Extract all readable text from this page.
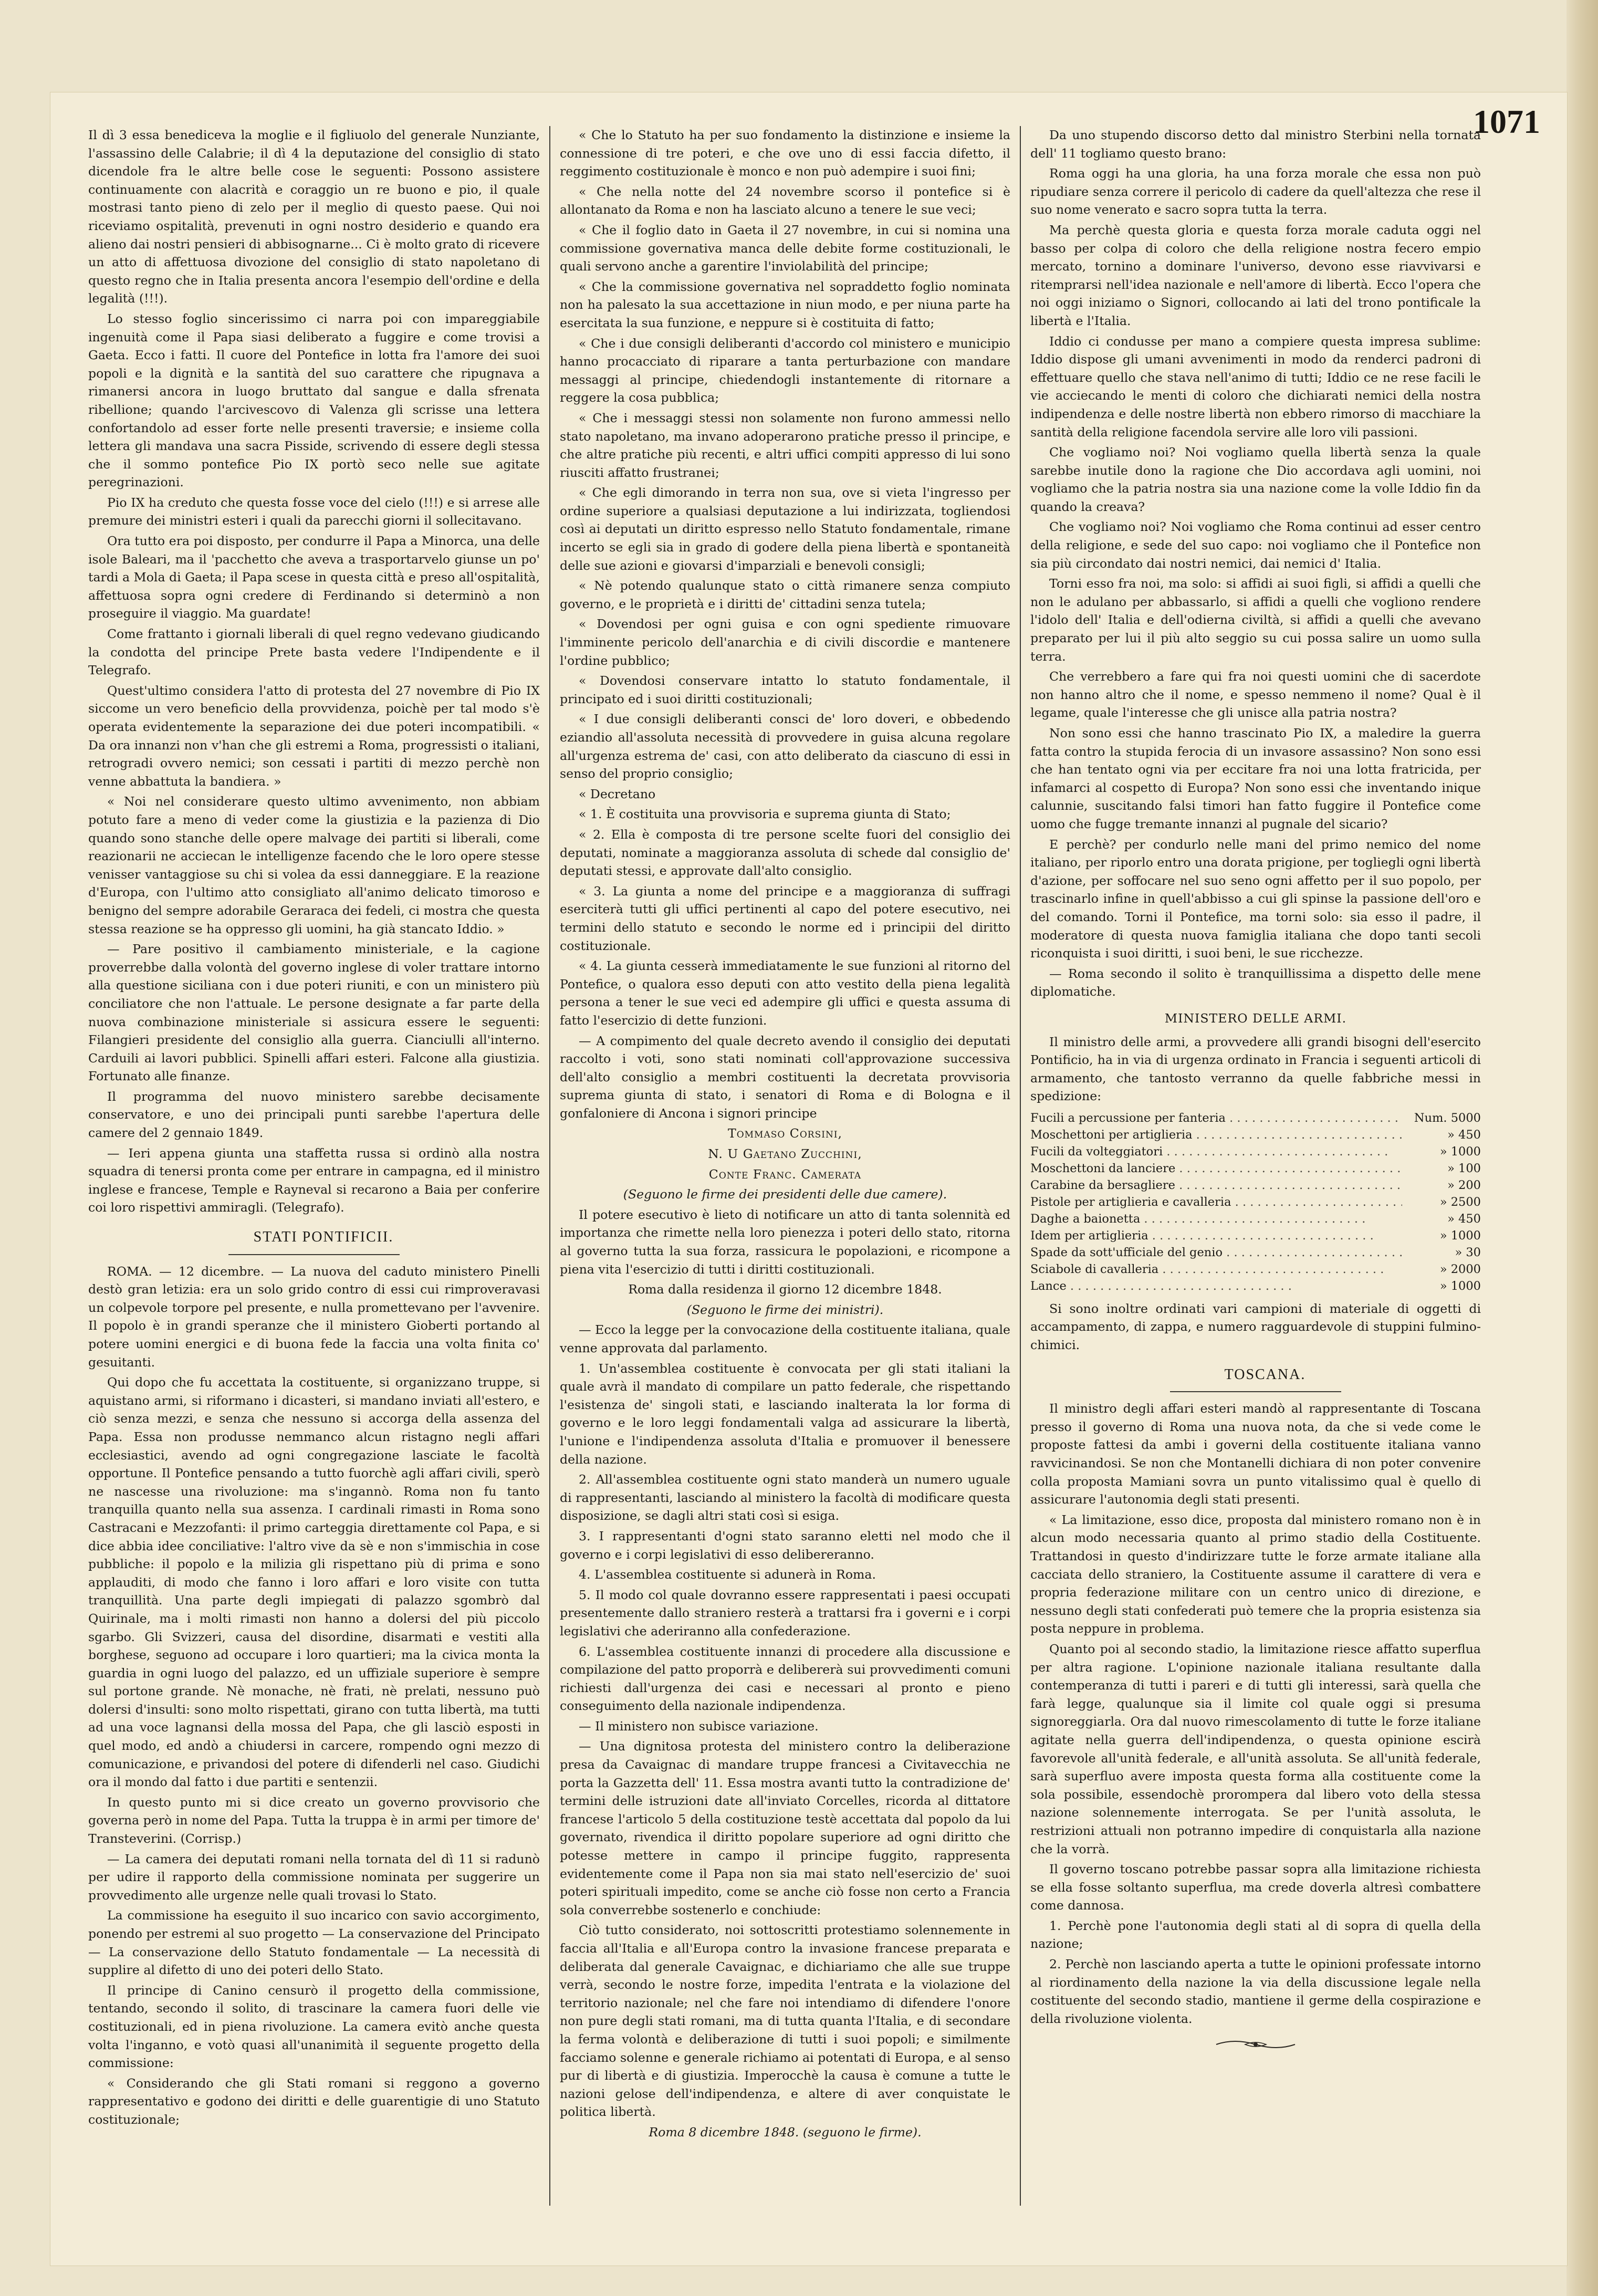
1071

Il dì 3 essa benediceva la moglie e il figliuolo del generale Nunziante, l'assassino delle Calabrie; il dì 4 la deputazione del consiglio di stato dicendole fra le altre belle cose le seguenti: Possono assistere continuamente con alacrità e coraggio un re buono e pio, il quale mostrasi tanto pieno di zelo per il meglio di questo paese. Qui noi riceviamo ospitalità, prevenuti in ogni nostro desiderio e quando era alieno dai nostri pensieri di abbisognarne... Ci è molto grato di ricevere un atto di affettuosa divozione del consiglio di stato napoletano di questo regno che in Italia presenta ancora l'esempio dell'ordine e della legalità (!!!).

Lo stesso foglio sincerissimo ci narra poi con impareggiabile ingenuità come il Papa siasi deliberato a fuggire e come trovisi a Gaeta. Ecco i fatti. Il cuore del Pontefice in lotta fra l'amore dei suoi popoli e la dignità e la santità del suo carattere che ripugnava a rimanersi ancora in luogo bruttato dal sangue e dalla sfrenata ribellione; quando l'arcivescovo di Valenza gli scrisse una lettera confortandolo ad esser forte nelle presenti traversie; e insieme colla lettera gli mandava una sacra Pisside, scrivendo di essere degli stessa che il sommo pontefice Pio IX portò seco nelle sue agitate peregrinazioni.

Pio IX ha creduto che questa fosse voce del cielo (!!!) e si arrese alle premure dei ministri esteri i quali da parecchi giorni il sollecitavano.

Ora tutto era poi disposto, per condurre il Papa a Minorca, una delle isole Baleari, ma il 'pacchetto che aveva a trasportarvelo giunse un po' tardi a Mola di Gaeta; il Papa scese in questa città e preso all'ospitalità, affettuosa sopra ogni credere di Ferdinando si determinò a non proseguire il viaggio. Ma guardate!

Come frattanto i giornali liberali di quel regno vedevano giudicando la condotta del principe Prete basta vedere l'Indipendente e il Telegrafo.

Quest'ultimo considera l'atto di protesta del 27 novembre di Pio IX siccome un vero beneficio della provvidenza, poichè per tal modo s'è operata evidentemente la separazione dei due poteri incompatibili. « Da ora innanzi non v'han che gli estremi a Roma, progressisti o italiani, retrogradi ovvero nemici; son cessati i partiti di mezzo perchè non venne abbattuta la bandiera. »

« Noi nel considerare questo ultimo avvenimento, non abbiam potuto fare a meno di veder come la giustizia e la pazienza di Dio quando sono stanche delle opere malvage dei partiti si liberali, come reazionarii ne acciecan le intelligenze facendo che le loro opere stesse venisser vantaggiose su chi si volea da essi danneggiare. E la reazione d'Europa, con l'ultimo atto consigliato all'animo delicato timoroso e benigno del sempre adorabile Geraraca dei fedeli, ci mostra che questa stessa reazione se ha oppresso gli uomini, ha già stancato Iddio. »

— Pare positivo il cambiamento ministeriale, e la cagione proverrebbe dalla volontà del governo inglese di voler trattare intorno alla questione siciliana con i due poteri riuniti, e con un ministero più conciliatore che non l'attuale. Le persone designate a far parte della nuova combinazione ministeriale si assicura essere le seguenti: Filangieri presidente del consiglio alla guerra. Cianciulli all'interno. Carduili ai lavori pubblici. Spinelli affari esteri. Falcone alla giustizia. Fortunato alle finanze.

Il programma del nuovo ministero sarebbe decisamente conservatore, e uno dei principali punti sarebbe l'apertura delle camere del 2 gennaio 1849.

— Ieri appena giunta una staffetta russa si ordinò alla nostra squadra di tenersi pronta come per entrare in campagna, ed il ministro inglese e francese, Temple e Rayneval si recarono a Baia per conferire coi loro rispettivi ammiragli. (Telegrafo).

STATI PONTIFICII.

ROMA. — 12 dicembre. — La nuova del caduto ministero Pinelli destò gran letizia: era un solo grido contro di essi cui rimproveravasi un colpevole torpore pel presente, e nulla promettevano per l'avvenire. Il popolo è in grandi speranze che il ministero Gioberti portando al potere uomini energici e di buona fede la faccia una volta finita co' gesuitanti.

Qui dopo che fu accettata la costituente, si organizzano truppe, si aquistano armi, si riformano i dicasteri, si mandano inviati all'estero, e ciò senza mezzi, e senza che nessuno si accorga della assenza del Papa. Essa non produsse nemmanco alcun ristagno negli affari ecclesiastici, avendo ad ogni congregazione lasciate le facoltà opportune. Il Pontefice pensando a tutto fuorchè agli affari civili, sperò ne nascesse una rivoluzione: ma s'ingannò. Roma non fu tanto tranquilla quanto nella sua assenza. I cardinali rimasti in Roma sono Castracani e Mezzofanti: il primo carteggia direttamente col Papa, e si dice abbia idee conciliative: l'altro vive da sè e non s'immischia in cose pubbliche: il popolo e la milizia gli rispettano più di prima e sono applauditi, di modo che fanno i loro affari e loro visite con tutta tranquillità. Una parte degli impiegati di palazzo sgombrò dal Quirinale, ma i molti rimasti non hanno a dolersi del più piccolo sgarbo. Gli Svizzeri, causa del disordine, disarmati e vestiti alla borghese, seguono ad occupare i loro quartieri; ma la civica monta la guardia in ogni luogo del palazzo, ed un uffiziale superiore è sempre sul portone grande. Nè monache, nè frati, nè prelati, nessuno può dolersi d'insulti: sono molto rispettati, girano con tutta libertà, ma tutti ad una voce lagnansi della mossa del Papa, che gli lasciò esposti in quel modo, ed andò a chiudersi in carcere, rompendo ogni mezzo di comunicazione, e privandosi del potere di difenderli nel caso. Giudichi ora il mondo dal fatto i due partiti e sentenzii.

In questo punto mi si dice creato un governo provvisorio che governa però in nome del Papa. Tutta la truppa è in armi per timore de' Transteverini. (Corrisp.)

— La camera dei deputati romani nella tornata del dì 11 si radunò per udire il rapporto della commissione nominata per suggerire un provvedimento alle urgenze nelle quali trovasi lo Stato.

La commissione ha eseguito il suo incarico con savio accorgimento, ponendo per estremi al suo progetto — La conservazione del Principato — La conservazione dello Statuto fondamentale — La necessità di supplire al difetto di uno dei poteri dello Stato.

Il principe di Canino censurò il progetto della commissione, tentando, secondo il solito, di trascinare la camera fuori delle vie costituzionali, ed in piena rivoluzione. La camera evitò anche questa volta l'inganno, e votò quasi all'unanimità il seguente progetto della commissione:

« Considerando che gli Stati romani si reggono a governo rappresentativo e godono dei diritti e delle guarentigie di uno Statuto costituzionale;

« Che lo Statuto ha per suo fondamento la distinzione e insieme la connessione di tre poteri, e che ove uno di essi faccia difetto, il reggimento costituzionale è monco e non può adempire i suoi fini;

« Che nella notte del 24 novembre scorso il pontefice si è allontanato da Roma e non ha lasciato alcuno a tenere le sue veci;

« Che il foglio dato in Gaeta il 27 novembre, in cui si nomina una commissione governativa manca delle debite forme costituzionali, le quali servono anche a garentire l'inviolabilità del principe;

« Che la commissione governativa nel sopraddetto foglio nominata non ha palesato la sua accettazione in niun modo, e per niuna parte ha esercitata la sua funzione, e neppure si è costituita di fatto;

« Che i due consigli deliberanti d'accordo col ministero e municipio hanno procacciato di riparare a tanta perturbazione con mandare messaggi al principe, chiedendogli instantemente di ritornare a reggere la cosa pubblica;

« Che i messaggi stessi non solamente non furono ammessi nello stato napoletano, ma invano adoperarono pratiche presso il principe, e che altre pratiche più recenti, e altri uffici compiti appresso di lui sono riusciti affatto frustranei;

« Che egli dimorando in terra non sua, ove si vieta l'ingresso per ordine superiore a qualsiasi deputazione a lui indirizzata, togliendosi così ai deputati un diritto espresso nello Statuto fondamentale, rimane incerto se egli sia in grado di godere della piena libertà e spontaneità delle sue azioni e giovarsi d'imparziali e benevoli consigli;

« Nè potendo qualunque stato o città rimanere senza compiuto governo, e le proprietà e i diritti de' cittadini senza tutela;

« Dovendosi per ogni guisa e con ogni spediente rimuovare l'imminente pericolo dell'anarchia e di civili discordie e mantenere l'ordine pubblico;

« Dovendosi conservare intatto lo statuto fondamentale, il principato ed i suoi diritti costituzionali;

« I due consigli deliberanti consci de' loro doveri, e obbedendo eziandio all'assoluta necessità di provvedere in guisa alcuna regolare all'urgenza estrema de' casi, con atto deliberato da ciascuno di essi in senso del proprio consiglio;

« Decretano

« 1. È costituita una provvisoria e suprema giunta di Stato;

« 2. Ella è composta di tre persone scelte fuori del consiglio dei deputati, nominate a maggioranza assoluta di schede dal consiglio de' deputati stessi, e approvate dall'alto consiglio.

« 3. La giunta a nome del principe e a maggioranza di suffragi eserciterà tutti gli uffici pertinenti al capo del potere esecutivo, nei termini dello statuto e secondo le norme ed i principii del diritto costituzionale.

« 4. La giunta cesserà immediatamente le sue funzioni al ritorno del Pontefice, o qualora esso deputi con atto vestito della piena legalità persona a tener le sue veci ed adempire gli uffici e questa assuma di fatto l'esercizio di dette funzioni.

— A compimento del quale decreto avendo il consiglio dei deputati raccolto i voti, sono stati nominati coll'approvazione successiva dell'alto consiglio a membri costituenti la decretata provvisoria suprema giunta di stato, i senatori di Roma e di Bologna e il gonfaloniere di Ancona i signori principe

Tommaso Corsini,

N. U Gaetano Zucchini,

Conte Franc. Camerata

(Seguono le firme dei presidenti delle due camere).

Il potere esecutivo è lieto di notificare un atto di tanta solennità ed importanza che rimette nella loro pienezza i poteri dello stato, ritorna al governo tutta la sua forza, rassicura le popolazioni, e ricompone a piena vita l'esercizio di tutti i diritti costituzionali.

Roma dalla residenza il giorno 12 dicembre 1848.

(Seguono le firme dei ministri).

— Ecco la legge per la convocazione della costituente italiana, quale venne approvata dal parlamento.

1. Un'assemblea costituente è convocata per gli stati italiani la quale avrà il mandato di compilare un patto federale, che rispettando l'esistenza de' singoli stati, e lasciando inalterata la lor forma di governo e le loro leggi fondamentali valga ad assicurare la libertà, l'unione e l'indipendenza assoluta d'Italia e promuover il benessere della nazione.

2. All'assemblea costituente ogni stato manderà un numero uguale di rappresentanti, lasciando al ministero la facoltà di modificare questa disposizione, se dagli altri stati così si esiga.

3. I rappresentanti d'ogni stato saranno eletti nel modo che il governo e i corpi legislativi di esso delibereranno.

4. L'assemblea costituente si adunerà in Roma.

5. Il modo col quale dovranno essere rappresentati i paesi occupati presentemente dallo straniero resterà a trattarsi fra i governi e i corpi legislativi che aderiranno alla confederazione.

6. L'assemblea costituente innanzi di procedere alla discussione e compilazione del patto proporrà e delibererà sui provvedimenti comuni richiesti dall'urgenza dei casi e necessari al pronto e pieno conseguimento della nazionale indipendenza.

— Il ministero non subisce variazione.

— Una dignitosa protesta del ministero contro la deliberazione presa da Cavaignac di mandare truppe francesi a Civitavecchia ne porta la Gazzetta dell' 11. Essa mostra avanti tutto la contradizione de' termini delle istruzioni date all'inviato Corcelles, ricorda al dittatore francese l'articolo 5 della costituzione testè accettata dal popolo da lui governato, rivendica il diritto popolare superiore ad ogni diritto che potesse mettere in campo il principe fuggito, rappresenta evidentemente come il Papa non sia mai stato nell'esercizio de' suoi poteri spirituali impedito, come se anche ciò fosse non certo a Francia sola converrebbe sostenerlo e conchiude:

Ciò tutto considerato, noi sottoscritti protestiamo solennemente in faccia all'Italia e all'Europa contro la invasione francese preparata e deliberata dal generale Cavaignac, e dichiariamo che alle sue truppe verrà, secondo le nostre forze, impedita l'entrata e la violazione del territorio nazionale; nel che fare noi intendiamo di difendere l'onore non pure degli stati romani, ma di tutta quanta l'Italia, e di secondare la ferma volontà e deliberazione di tutti i suoi popoli; e similmente facciamo solenne e generale richiamo ai potentati di Europa, e al senso pur di libertà e di giustizia. Imperocchè la causa è comune a tutte le nazioni gelose dell'indipendenza, e altere di aver conquistate le politica libertà.

Roma 8 dicembre 1848. (seguono le firme).

Da uno stupendo discorso detto dal ministro Sterbini nella tornata dell' 11 togliamo questo brano:

Roma oggi ha una gloria, ha una forza morale che essa non può ripudiare senza correre il pericolo di cadere da quell'altezza che rese il suo nome venerato e sacro sopra tutta la terra.

Ma perchè questa gloria e questa forza morale caduta oggi nel basso per colpa di coloro che della religione nostra fecero empio mercato, tornino a dominare l'universo, devono esse riavvivarsi e ritemprarsi nell'idea nazionale e nell'amore di libertà. Ecco l'opera che noi oggi iniziamo o Signori, collocando ai lati del trono pontificale la libertà e l'Italia.

Iddio ci condusse per mano a compiere questa impresa sublime: Iddio dispose gli umani avvenimenti in modo da renderci padroni di effettuare quello che stava nell'animo di tutti; Iddio ce ne rese facili le vie acciecando le menti di coloro che dichiarati nemici della nostra indipendenza e delle nostre libertà non ebbero rimorso di macchiare la santità della religione facendola servire alle loro vili passioni.

Che vogliamo noi? Noi vogliamo quella libertà senza la quale sarebbe inutile dono la ragione che Dio accordava agli uomini, noi vogliamo che la patria nostra sia una nazione come la volle Iddio fin da quando la creava?

Che vogliamo noi? Noi vogliamo che Roma continui ad esser centro della religione, e sede del suo capo: noi vogliamo che il Pontefice non sia più circondato dai nostri nemici, dai nemici d' Italia.

Torni esso fra noi, ma solo: si affidi ai suoi figli, si affidi a quelli che non le adulano per abbassarlo, si affidi a quelli che vogliono rendere l'idolo dell' Italia e dell'odierna civiltà, si affidi a quelli che avevano preparato per lui il più alto seggio su cui possa salire un uomo sulla terra.

Che verrebbero a fare qui fra noi questi uomini che di sacerdote non hanno altro che il nome, e spesso nemmeno il nome? Qual è il legame, quale l'interesse che gli unisce alla patria nostra?

Non sono essi che hanno trascinato Pio IX, a maledire la guerra fatta contro la stupida ferocia di un invasore assassino? Non sono essi che han tentato ogni via per eccitare fra noi una lotta fratricida, per infamarci al cospetto di Europa? Non sono essi che inventando inique calunnie, suscitando falsi timori han fatto fuggire il Pontefice come uomo che fugge tremante innanzi al pugnale del sicario?

E perchè? per condurlo nelle mani del primo nemico del nome italiano, per riporlo entro una dorata prigione, per togliegli ogni libertà d'azione, per soffocare nel suo seno ogni affetto per il suo popolo, per trascinarlo infine in quell'abbisso a cui gli spinse la passione dell'oro e del comando. Torni il Pontefice, ma torni solo: sia esso il padre, il moderatore di questa nuova famiglia italiana che dopo tanti secoli riconquista i suoi diritti, i suoi beni, le sue ricchezze.

— Roma secondo il solito è tranquillissima a dispetto delle mene diplomatiche.

MINISTERO DELLE ARMI.

Il ministro delle armi, a provvedere alli grandi bisogni dell'esercito Pontificio, ha in via di urgenza ordinato in Francia i seguenti articoli di armamento, che tantosto verranno da quelle fabbriche messi in spedizione:

Fucili a percussione per fanteria . . .	Num. 5000
Moschettoni per artiglieria . . .	» 450
Fucili da volteggiatori . . .	» 1000
Moschettoni da lanciere . . .	» 100
Carabine da bersagliere . . .	» 200
Pistole per artiglieria e cavalleria . . .	» 2500
Daghe a baionetta . . .	» 450
Idem per artiglieria . . .	» 1000
Spade da sott'ufficiale del genio . . .	» 30
Sciabole di cavalleria . . .	» 2000
Lance . . .	» 1000

Si sono inoltre ordinati vari campioni di materiale di oggetti di accampamento, di zappa, e numero ragguardevole di stuppini fulmino-chimici.

TOSCANA.

Il ministro degli affari esteri mandò al rappresentante di Toscana presso il governo di Roma una nuova nota, da che si vede come le proposte fattesi da ambi i governi della costituente italiana vanno ravvicinandosi. Se non che Montanelli dichiara di non poter convenire colla proposta Mamiani sovra un punto vitalissimo qual è quello di assicurare l'autonomia degli stati presenti.

« La limitazione, esso dice, proposta dal ministero romano non è in alcun modo necessaria quanto al primo stadio della Costituente. Trattandosi in questo d'indirizzare tutte le forze armate italiane alla cacciata dello straniero, la Costituente assume il carattere di vera e propria federazione militare con un centro unico di direzione, e nessuno degli stati confederati può temere che la propria esistenza sia posta neppure in problema.

Quanto poi al secondo stadio, la limitazione riesce affatto superflua per altra ragione. L'opinione nazionale italiana resultante dalla contemperanza di tutti i pareri e di tutti gli interessi, sarà quella che farà legge, qualunque sia il limite col quale oggi si presuma signoreggiarla. Ora dal nuovo rimescolamento di tutte le forze italiane agitate nella guerra dell'indipendenza, o questa opinione escirà favorevole all'unità federale, e all'unità assoluta. Se all'unità federale, sarà superfluo avere imposta questa forma alla costituente come la sola possibile, essendochè prorompera dal libero voto della stessa nazione solennemente interrogata. Se per l'unità assoluta, le restrizioni attuali non potranno impedire di conquistarla alla nazione che la vorrà.

Il governo toscano potrebbe passar sopra alla limitazione richiesta se ella fosse soltanto superflua, ma crede doverla altresì combattere come dannosa.

1. Perchè pone l'autonomia degli stati al di sopra di quella della nazione;

2. Perchè non lasciando aperta a tutte le opinioni professate intorno al riordinamento della nazione la via della discussione legale nella costituente del secondo stadio, mantiene il germe della cospirazione e della rivoluzione violenta.
